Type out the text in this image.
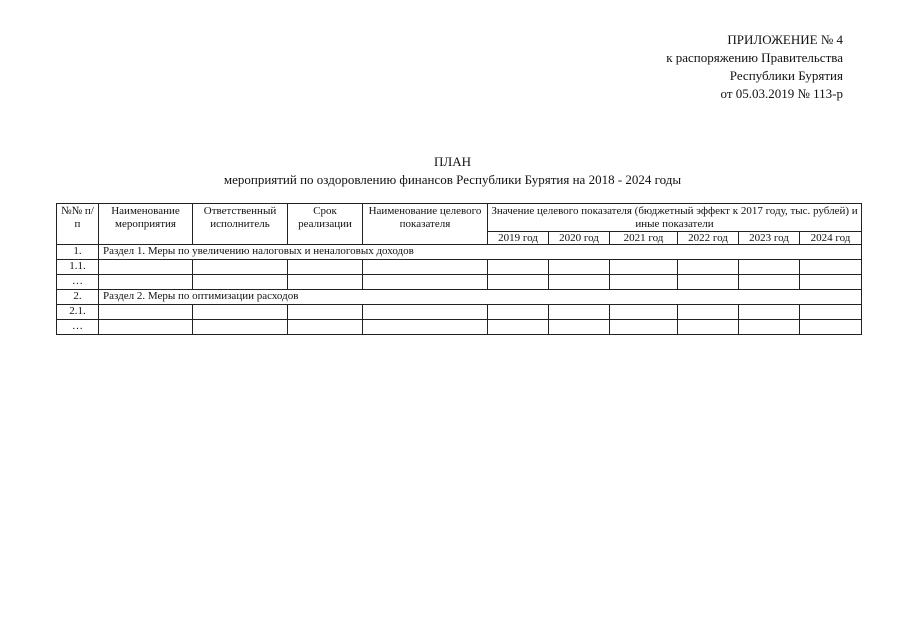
ПРИЛОЖЕНИЕ № 4
к распоряжению Правительства
Республики Бурятия
от 05.03.2019 № 113-р
ПЛАН
мероприятий по оздоровлению финансов Республики Бурятия на 2018 - 2024 годы
№№ п/п	Наименование мероприятия	Ответственный исполнитель	Срок реализации	Наименование целевого показателя	Значение целевого показателя (бюджетный эффект к 2017 году, тыс. рублей) и иные показатели					
					2019 год	2020 год	2021 год	2022 год	2023 год	2024 год
1.	Раздел 1. Меры по увеличению налоговых и неналоговых доходов									
1.1.										
…										
2.	Раздел 2. Меры по оптимизации расходов									
2.1.										
…										
